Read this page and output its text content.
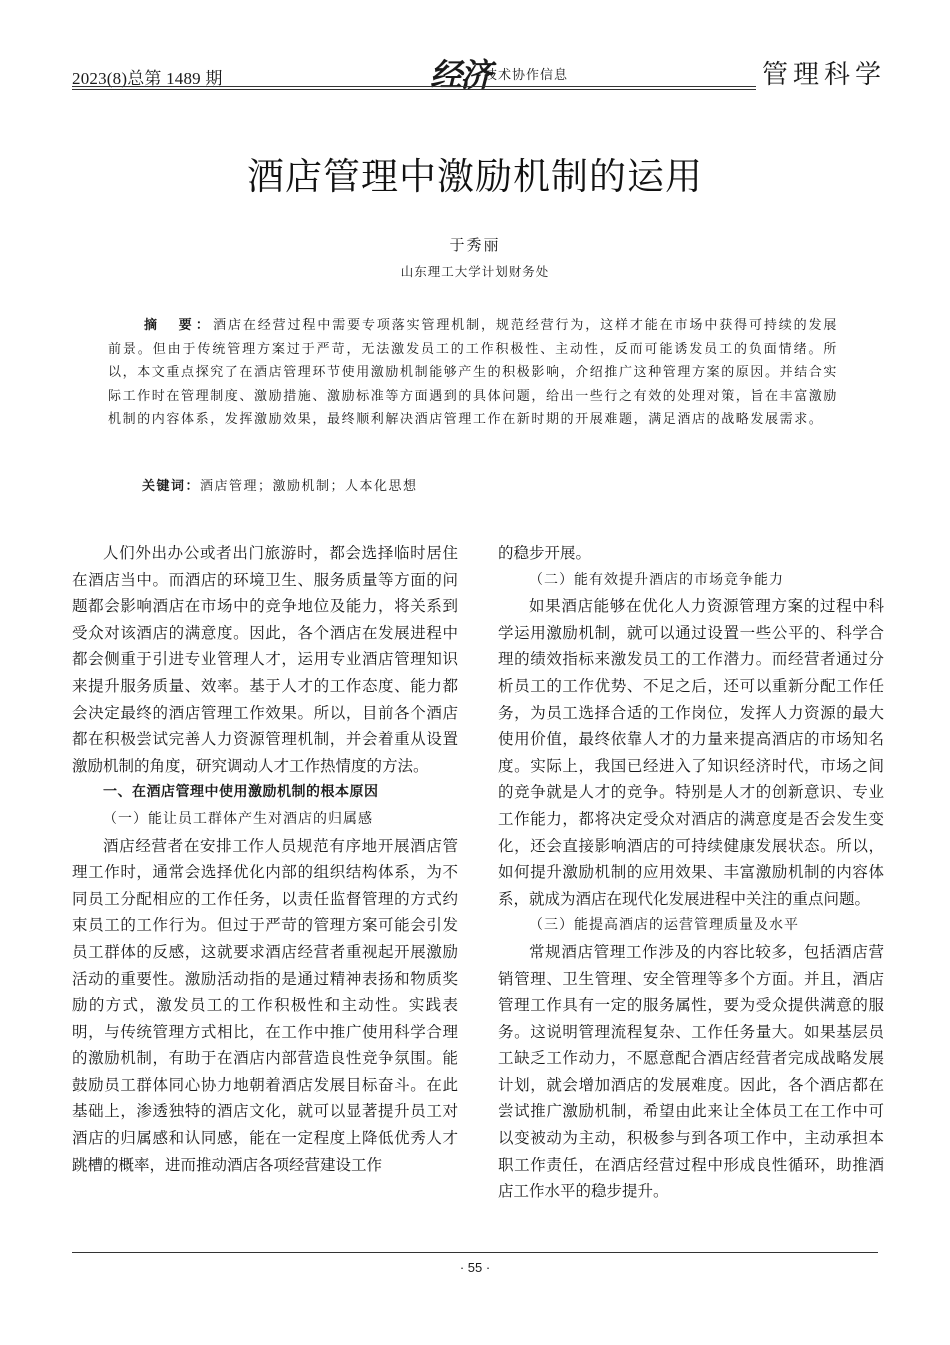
2023(8)总第 1489 期	经济
技术协作信息	管理科学
酒店管理中激励机制的运用
于秀丽
山东理工大学计划财务处

摘　要：酒店在经营过程中需要专项落实管理机制，规范经营行为，这样才能在市场中获得可持续的发展前景。但由于传统管理方案过于严苛，无法激发员工的工作积极性、主动性，反而可能诱发员工的负面情绪。所以，本文重点探究了在酒店管理环节使用激励机制能够产生的积极影响，介绍推广这种管理方案的原因。并结合实际工作时在管理制度、激励措施、激励标准等方面遇到的具体问题，给出一些行之有效的处理对策，旨在丰富激励机制的内容体系，发挥激励效果，最终顺利解决酒店管理工作在新时期的开展难题，满足酒店的战略发展需求。

关键词：酒店管理；激励机制；人本化思想

人们外出办公或者出门旅游时，都会选择临时居住在酒店当中。而酒店的环境卫生、服务质量等方面的问题都会影响酒店在市场中的竞争地位及能力，将关系到受众对该酒店的满意度。因此，各个酒店在发展进程中都会侧重于引进专业管理人才，运用专业酒店管理知识来提升服务质量、效率。基于人才的工作态度、能力都会决定最终的酒店管理工作效果。所以，目前各个酒店都在积极尝试完善人力资源管理机制，并会着重从设置激励机制的角度，研究调动人才工作热情度的方法。

一、在酒店管理中使用激励机制的根本原因

（一）能让员工群体产生对酒店的归属感

酒店经营者在安排工作人员规范有序地开展酒店管理工作时，通常会选择优化内部的组织结构体系，为不同员工分配相应的工作任务，以责任监督管理的方式约束员工的工作行为。但过于严苛的管理方案可能会引发员工群体的反感，这就要求酒店经营者重视起开展激励活动的重要性。激励活动指的是通过精神表扬和物质奖励的方式，激发员工的工作积极性和主动性。实践表明，与传统管理方式相比，在工作中推广使用科学合理的激励机制，有助于在酒店内部营造良性竞争氛围。能鼓励员工群体同心协力地朝着酒店发展目标奋斗。在此基础上，渗透独特的酒店文化，就可以显著提升员工对酒店的归属感和认同感，能在一定程度上降低优秀人才跳槽的概率，进而推动酒店各项经营建设工作

的稳步开展。

（二）能有效提升酒店的市场竞争能力

如果酒店能够在优化人力资源管理方案的过程中科学运用激励机制，就可以通过设置一些公平的、科学合理的绩效指标来激发员工的工作潜力。而经营者通过分析员工的工作优势、不足之后，还可以重新分配工作任务，为员工选择合适的工作岗位，发挥人力资源的最大使用价值，最终依靠人才的力量来提高酒店的市场知名度。实际上，我国已经进入了知识经济时代，市场之间的竞争就是人才的竞争。特别是人才的创新意识、专业工作能力，都将决定受众对酒店的满意度是否会发生变化，还会直接影响酒店的可持续健康发展状态。所以，如何提升激励机制的应用效果、丰富激励机制的内容体系，就成为酒店在现代化发展进程中关注的重点问题。

（三）能提高酒店的运营管理质量及水平

常规酒店管理工作涉及的内容比较多，包括酒店营销管理、卫生管理、安全管理等多个方面。并且，酒店管理工作具有一定的服务属性，要为受众提供满意的服务。这说明管理流程复杂、工作任务量大。如果基层员工缺乏工作动力，不愿意配合酒店经营者完成战略发展计划，就会增加酒店的发展难度。因此，各个酒店都在尝试推广激励机制，希望由此来让全体员工在工作中可以变被动为主动，积极参与到各项工作中，主动承担本职工作责任，在酒店经营过程中形成良性循环，助推酒店工作水平的稳步提升。

· 55 ·
